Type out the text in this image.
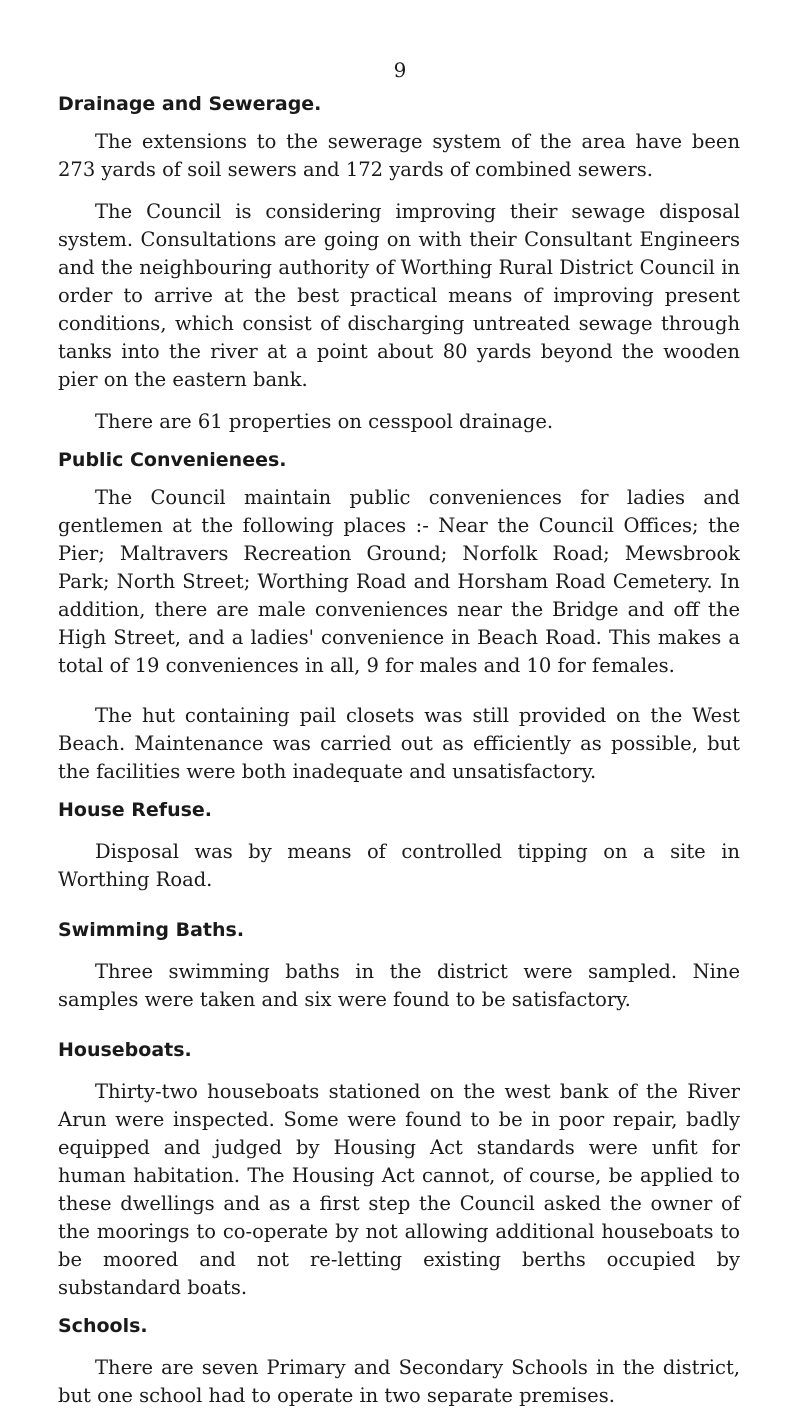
9
Drainage and Sewerage.

The extensions to the sewerage system of the area have been 273 yards of soil sewers and 172 yards of combined sewers.

The Council is considering improving their sewage disposal system. Consultations are going on with their Consultant Engineers and the neighbouring authority of Worthing Rural District Council in order to arrive at the best practical means of improving present conditions, which consist of discharging untreated sewage through tanks into the river at a point about 80 yards beyond the wooden pier on the eastern bank.

There are 61 properties on cesspool drainage.

Public Convenienees.

The Council maintain public conveniences for ladies and gentlemen at the following places :- Near the Council Offices; the Pier; Maltravers Recreation Ground; Norfolk Road; Mewsbrook Park; North Street; Worthing Road and Horsham Road Cemetery. In addition, there are male conveniences near the Bridge and off the High Street, and a ladies' convenience in Beach Road. This makes a total of 19 conveniences in all, 9 for males and 10 for females.

The hut containing pail closets was still provided on the West Beach. Maintenance was carried out as efficiently as possible, but the facilities were both inadequate and unsatisfactory.

House Refuse.

Disposal was by means of controlled tipping on a site in Worthing Road.

Swimming Baths.

Three swimming baths in the district were sampled. Nine samples were taken and six were found to be satisfactory.

Houseboats.

Thirty-two houseboats stationed on the west bank of the River Arun were inspected. Some were found to be in poor repair, badly equipped and judged by Housing Act standards were unfit for human habitation. The Housing Act cannot, of course, be applied to these dwellings and as a first step the Council asked the owner of the moorings to co-operate by not allowing additional houseboats to be moored and not re-letting existing berths occupied by substandard boats.

Schools.

There are seven Primary and Secondary Schools in the district, but one school had to operate in two separate premises.
